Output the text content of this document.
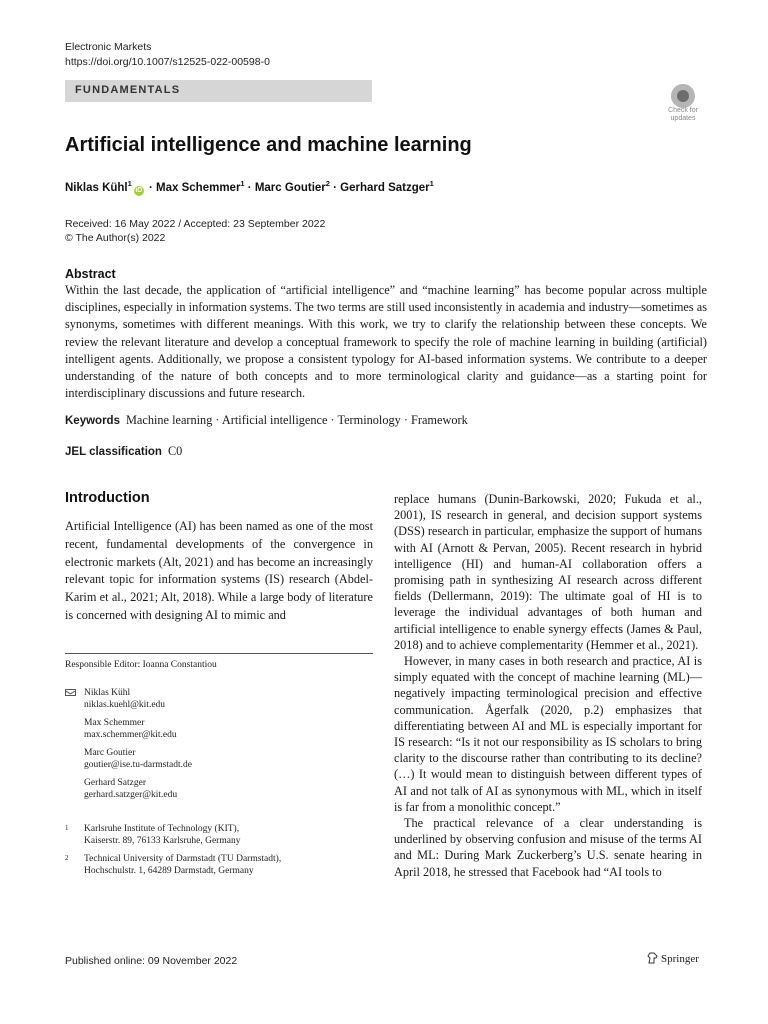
Electronic Markets
https://doi.org/10.1007/s12525-022-00598-0
FUNDAMENTALS
Check for updates
Artificial intelligence and machine learning
Niklas Kühl$^1$iD · Max Schemmer$^1$ · Marc Goutier$^2$ · Gerhard Satzger$^1$
Received: 16 May 2022 / Accepted: 23 September 2022
© The Author(s) 2022
Abstract
Within the last decade, the application of “artificial intelligence” and “machine learning” has become popular across multiple disciplines, especially in information systems. The two terms are still used inconsistently in academia and industry—sometimes as synonyms, sometimes with different meanings. With this work, we try to clarify the relationship between these concepts. We review the relevant literature and develop a conceptual framework to specify the role of machine learning in building (artificial) intelligent agents. Additionally, we propose a consistent typology for AI-based information systems. We contribute to a deeper understanding of the nature of both concepts and to more terminological clarity and guidance—as a starting point for interdisciplinary discussions and future research.
Keywords Machine learning · Artificial intelligence · Terminology · Framework
JEL classification C0
Introduction
Artificial Intelligence (AI) has been named as one of the most recent, fundamental developments of the convergence in electronic markets (Alt, 2021) and has become an increasingly relevant topic for information systems (IS) research (Abdel-Karim et al., 2021; Alt, 2018). While a large body of literature is concerned with designing AI to mimic and

replace humans (Dunin-Barkowski, 2020; Fukuda et al., 2001), IS research in general, and decision support systems (DSS) research in particular, emphasize the support of humans with AI (Arnott & Pervan, 2005). Recent research in hybrid intelligence (HI) and human-AI collaboration offers a promising path in synthesizing AI research across different fields (Dellermann, 2019): The ultimate goal of HI is to leverage the individual advantages of both human and artificial intelligence to enable synergy effects (James & Paul, 2018) and to achieve complementarity (Hemmer et al., 2021).

However, in many cases in both research and practice, AI is simply equated with the concept of machine learning (ML)—negatively impacting terminological precision and effective communication. Ågerfalk (2020, p.2) emphasizes that differentiating between AI and ML is especially important for IS research: “Is it not our responsibility as IS scholars to bring clarity to the discourse rather than contributing to its decline? (…) It would mean to distinguish between different types of AI and not talk of AI as synonymous with ML, which in itself is far from a monolithic concept.”

The practical relevance of a clear understanding is underlined by observing confusion and misuse of the terms AI and ML: During Mark Zuckerberg’s U.S. senate hearing in April 2018, he stressed that Facebook had “AI tools to

Responsible Editor: Ioanna Constantiou
Niklas Kühl
niklas.kuehl@kit.edu
Max Schemmer
max.schemmer@kit.edu
Marc Goutier
goutier@ise.tu-darmstadt.de
Gerhard Satzger
gerhard.satzger@kit.edu
1 Karlsruhe Institute of Technology (KIT),
Kaiserstr. 89, 76133 Karlsruhe, Germany
2 Technical University of Darmstadt (TU Darmstadt),
Hochschulstr. 1, 64289 Darmstadt, Germany
Published online: 09 November 2022	Springer
